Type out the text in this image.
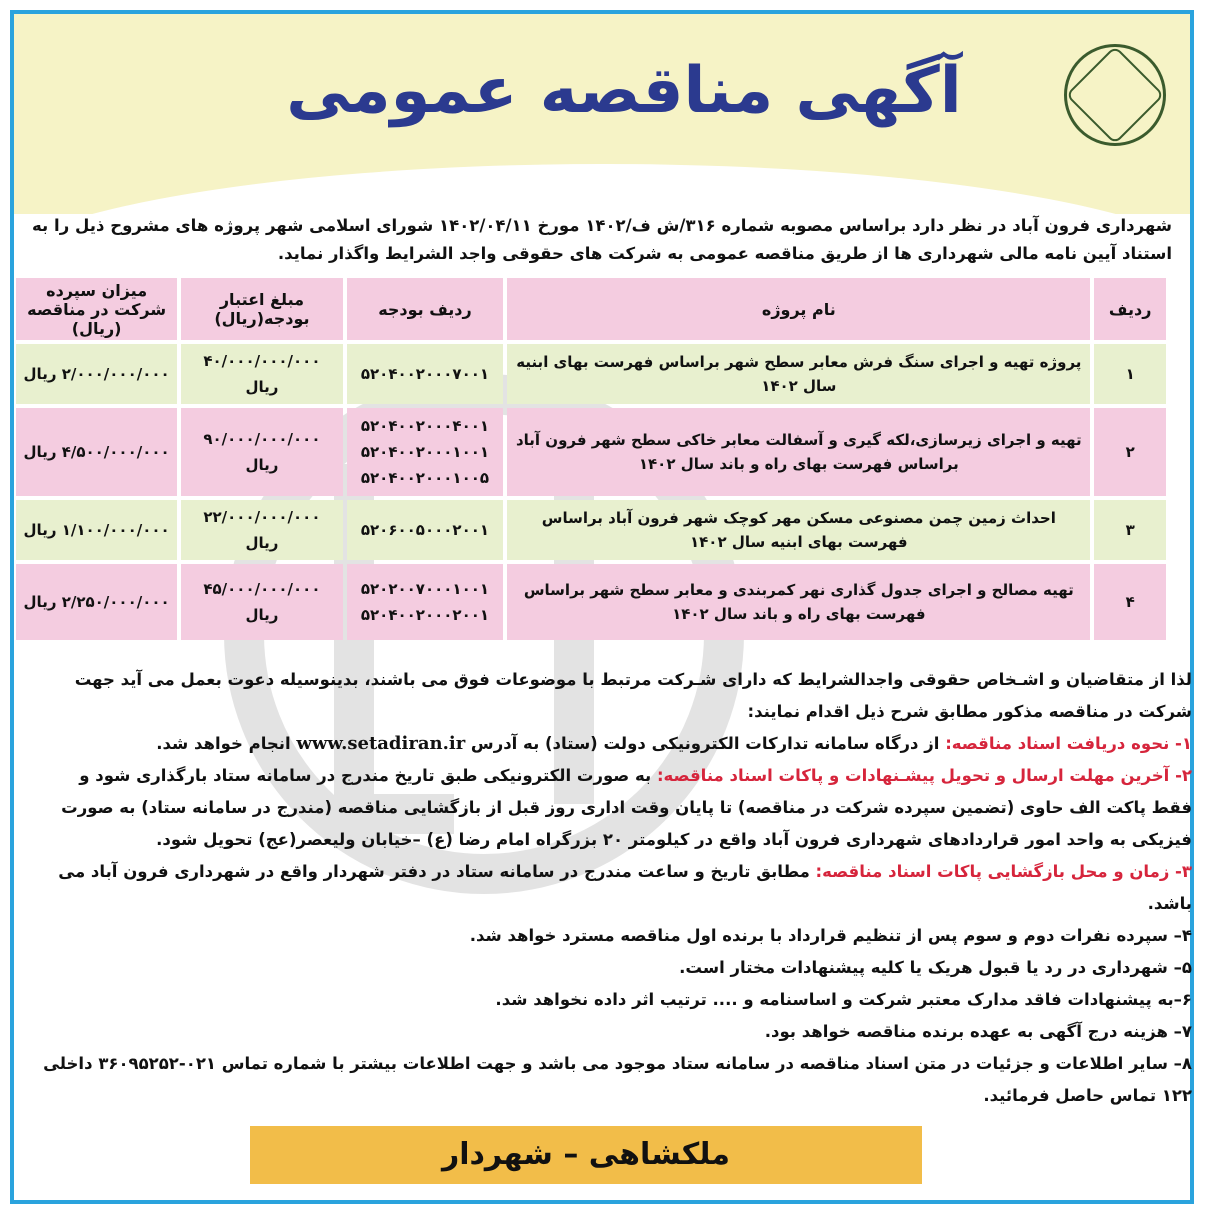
آگهی مناقصه عمومی
شهرداری فرون آباد در نظر دارد براساس مصوبه شماره ۳۱۶/ش ف/۱۴۰۲ مورخ ۱۴۰۲/۰۴/۱۱ شورای اسلامی شهر پروژه های مشروح ذیل را به استناد آیین نامه مالی شهرداری ها از طریق مناقصه عمومی به شرکت های حقوقی واجد الشرایط واگذار نماید.
ردیف	نام پروژه	ردیف بودجه	مبلغ اعتبار بودجه(ریال)	میزان سپرده شرکت در مناقصه (ریال)
۱	پروژه تهیه و اجرای سنگ فرش معابر سطح شهر براساس فهرست بهای ابنیه سال ۱۴۰۲	۵۲۰۴۰۰۲۰۰۰۷۰۰۱	۴۰/۰۰۰/۰۰۰/۰۰۰ ریال	۲/۰۰۰/۰۰۰/۰۰۰ ریال
۲	تهیه و اجرای زیرسازی،لکه گیری و آسفالت معابر خاکی سطح شهر فرون آباد براساس فهرست بهای راه و باند سال ۱۴۰۲	۵۲۰۴۰۰۲۰۰۰۴۰۰۱ ۵۲۰۴۰۰۲۰۰۰۱۰۰۱ ۵۲۰۴۰۰۲۰۰۰۱۰۰۵	۹۰/۰۰۰/۰۰۰/۰۰۰ ریال	۴/۵۰۰/۰۰۰/۰۰۰ ریال
۳	احداث زمین چمن مصنوعی مسکن مهر کوچک شهر فرون آباد براساس فهرست بهای ابنیه سال ۱۴۰۲	۵۲۰۶۰۰۵۰۰۰۲۰۰۱	۲۲/۰۰۰/۰۰۰/۰۰۰ ریال	۱/۱۰۰/۰۰۰/۰۰۰ ریال
۴	تهیه مصالح و اجرای جدول گذاری نهر کمربندی و معابر سطح شهر براساس فهرست بهای راه و باند سال ۱۴۰۲	۵۲۰۲۰۰۷۰۰۰۱۰۰۱ ۵۲۰۴۰۰۲۰۰۰۲۰۰۱	۴۵/۰۰۰/۰۰۰/۰۰۰ ریال	۲/۲۵۰/۰۰۰/۰۰۰ ریال

لذا از متقاضیان و اشـخاص حقوقی واجدالشرایط که دارای شـرکت مرتبط با موضوعات فوق می باشند، بدینوسیله دعوت بعمل می آید جهت شرکت در مناقصه مذکور مطابق شرح ذیل اقدام نمایند:

۱- نحوه دریافت اسناد مناقصه: از درگاه سامانه تدارکات الکترونیکی دولت (ستاد) به آدرس www.setadiran.ir انجام خواهد شد.

۲- آخرین مهلت ارسال و تحویل پیشـنهادات و پاکات اسناد مناقصه: به صورت الکترونیکی طبق تاریخ مندرج در سامانه ستاد بارگذاری شود و فقط پاکت الف حاوی (تضمین سپرده شرکت در مناقصه) تا پایان وقت اداری روز قبل از بازگشایی مناقصه (مندرج در سامانه ستاد) به صورت فیزیکی به واحد امور قراردادهای شهرداری فرون آباد واقع در کیلومتر ۲۰ بزرگراه امام رضا (ع) –خیابان ولیعصر(عج) تحویل شود.

۳- زمان و محل بازگشایی پاکات اسناد مناقصه: مطابق تاریخ و ساعت مندرج در سامانه ستاد در دفتر شهردار واقع در شهرداری فرون آباد می باشد.

۴– سپرده نفرات دوم و سوم پس از تنظیم قرارداد با برنده اول مناقصه مسترد خواهد شد.

۵– شهرداری در رد یا قبول هریک یا کلیه پیشنهادات مختار است.

۶–به پیشنهادات فاقد مدارک معتبر شرکت و اساسنامه و .... ترتیب اثر داده نخواهد شد.

۷– هزینه درج آگهی به عهده برنده مناقصه خواهد بود.

۸– سایر اطلاعات و جزئیات در متن اسناد مناقصه در سامانه ستاد موجود می باشد و جهت اطلاعات بیشتر با شماره تماس ۰۲۱-۳۶۰۹۵۲۵۲ داخلی ۱۲۲ تماس حاصل فرمائید.

ملکشاهی – شهردار
